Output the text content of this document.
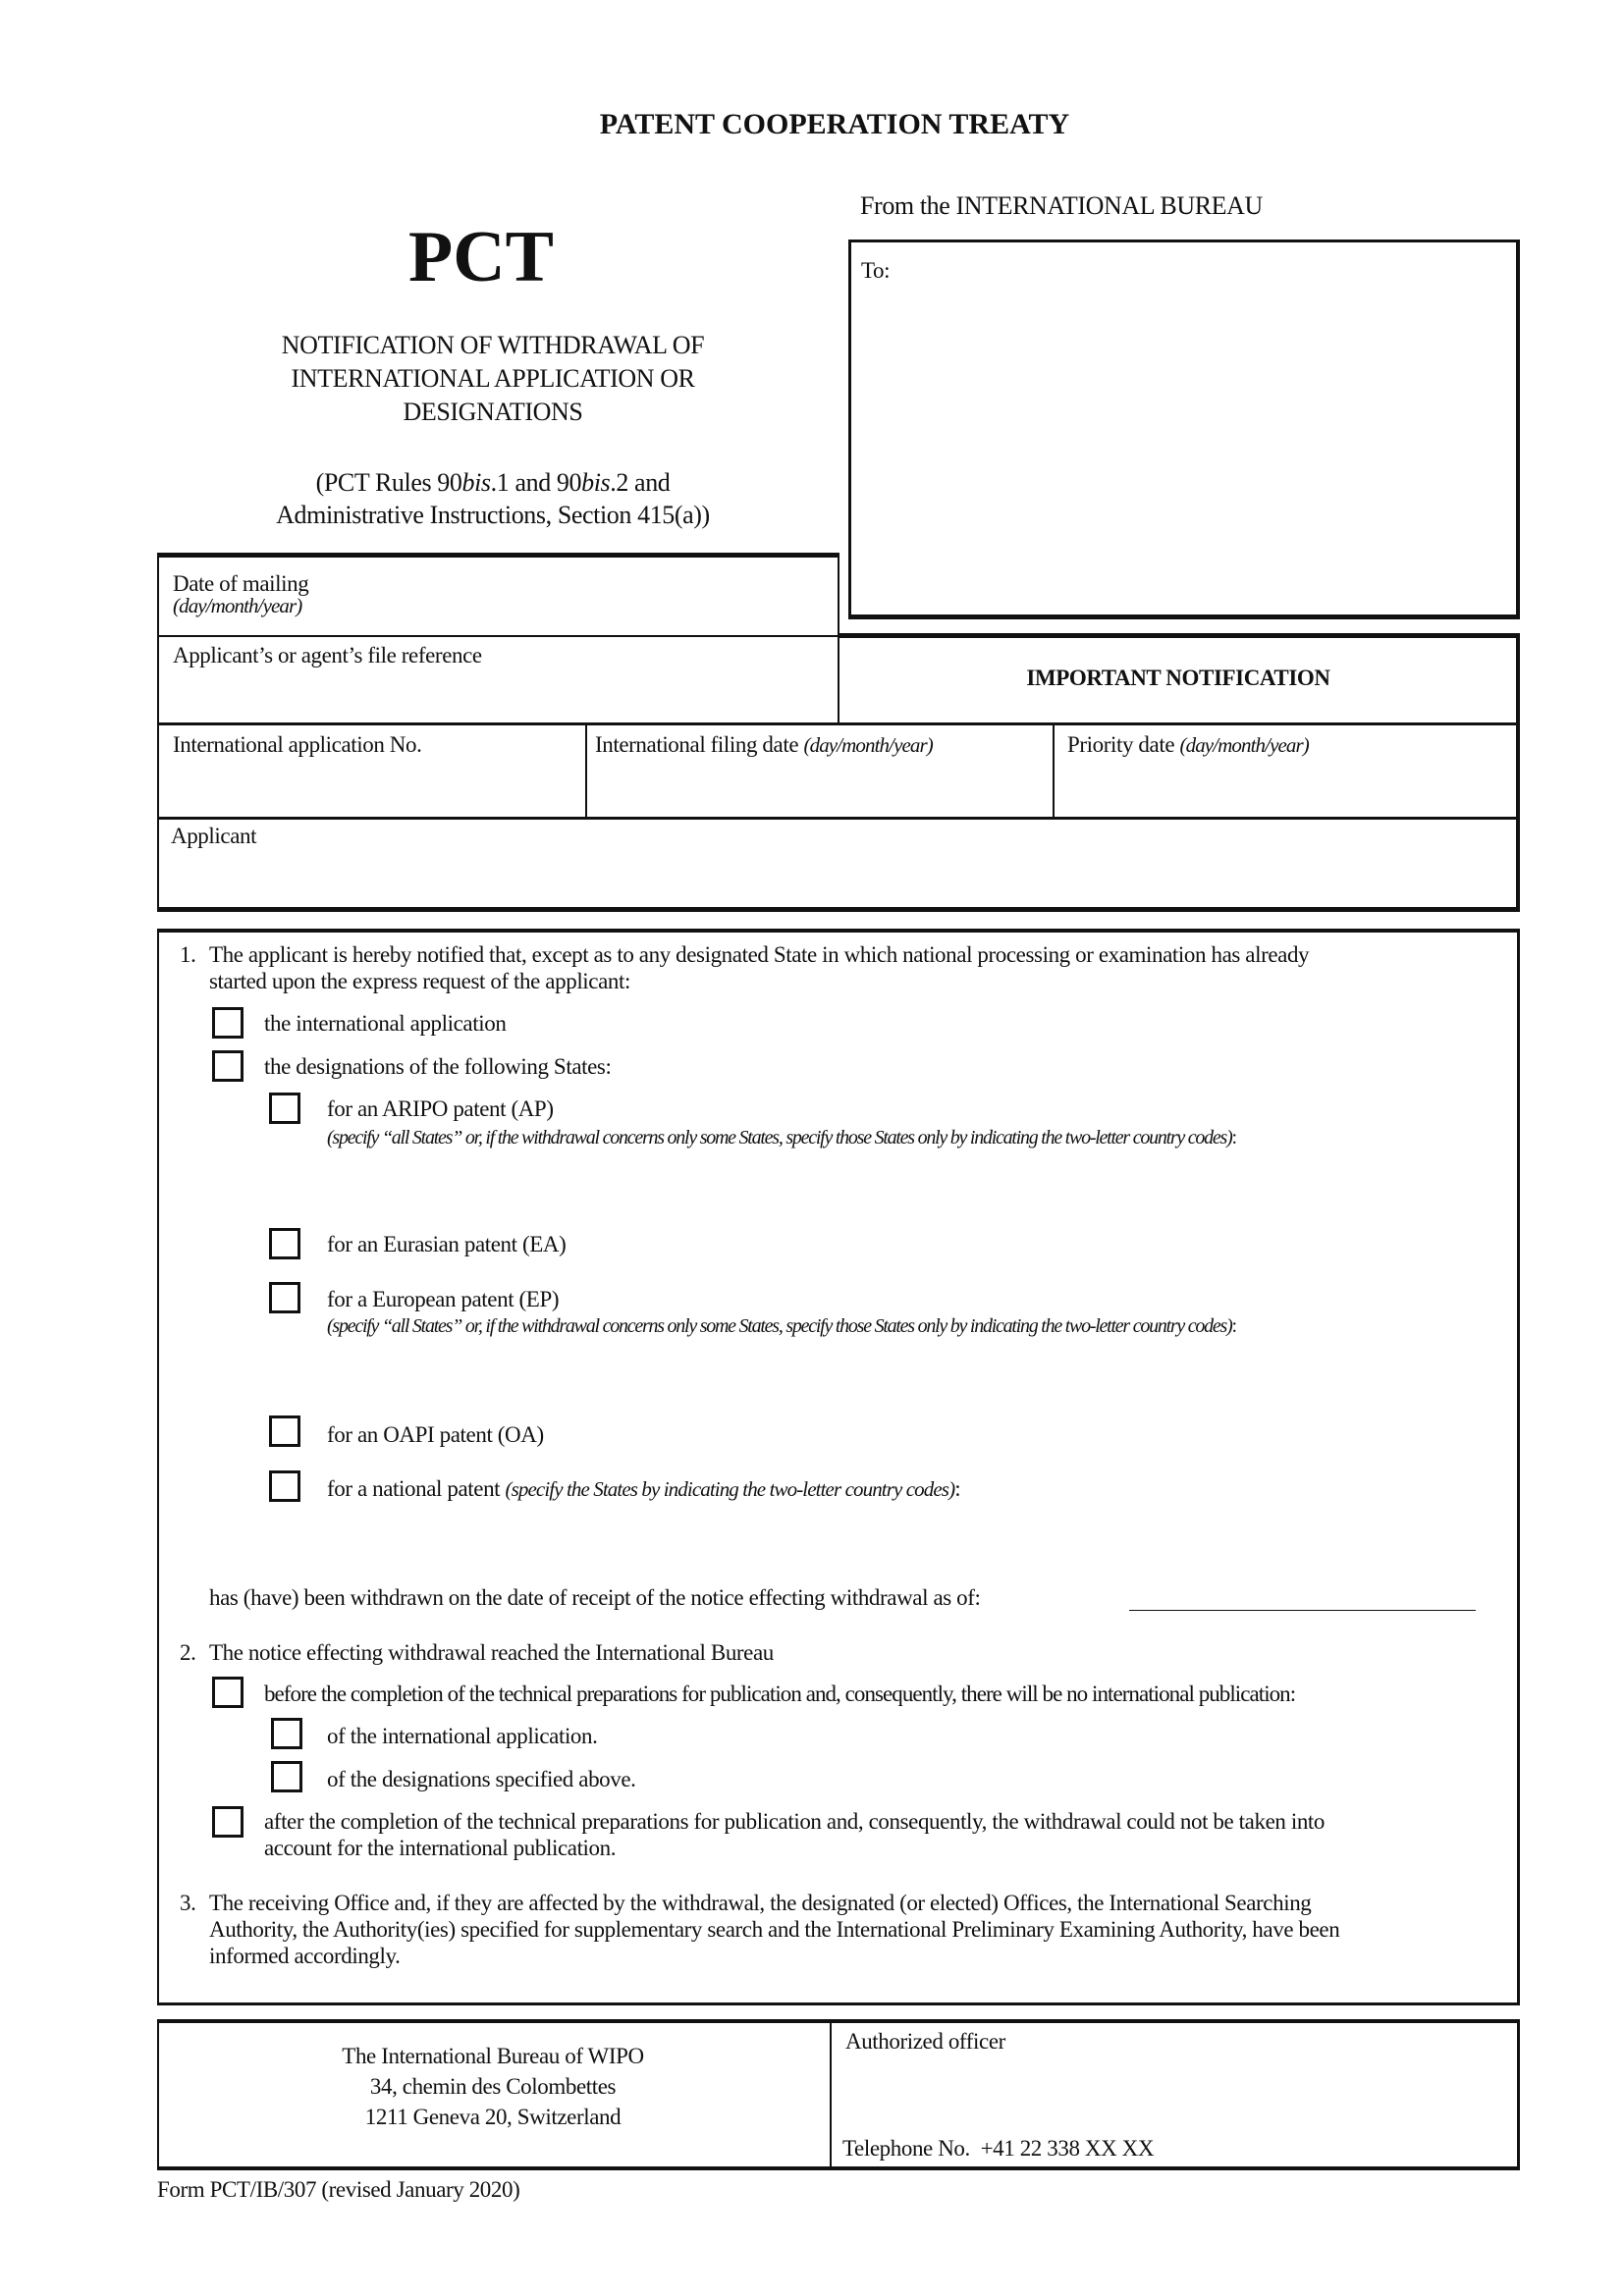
PATENT COOPERATION TREATY
From the INTERNATIONAL BUREAU
PCT
NOTIFICATION OF WITHDRAWAL OF
INTERNATIONAL APPLICATION OR
DESIGNATIONS
(PCT Rules 90bis.1 and 90bis.2 and
Administrative Instructions, Section 415(a))
To:
Date of mailing
(day/month/year)
Applicant’s or agent’s file reference
IMPORTANT NOTIFICATION
International application No.	International filing date (day/month/year)	Priority date (day/month/year)
Applicant
1. The applicant is hereby notified that, except as to any designated State in which national processing or examination has already
started upon the express request of the applicant:
the international application
the designations of the following States:
for an ARIPO patent (AP)
(specify “all States” or, if the withdrawal concerns only some States, specify those States only by indicating the two-letter country codes):
for an Eurasian patent (EA)
for a European patent (EP)
(specify “all States” or, if the withdrawal concerns only some States, specify those States only by indicating the two-letter country codes):
for an OAPI patent (OA)
for a national patent (specify the States by indicating the two-letter country codes):
has (have) been withdrawn on the date of receipt of the notice effecting withdrawal as of:
2. The notice effecting withdrawal reached the International Bureau
before the completion of the technical preparations for publication and, consequently, there will be no international publication:
of the international application.
of the designations specified above.
after the completion of the technical preparations for publication and, consequently, the withdrawal could not be taken into
account for the international publication.
3. The receiving Office and, if they are affected by the withdrawal, the designated (or elected) Offices, the International Searching
Authority, the Authority(ies) specified for supplementary search and the International Preliminary Examining Authority, have been
informed accordingly.
The International Bureau of WIPO
34, chemin des Colombettes
1211 Geneva 20, Switzerland
Authorized officer
Telephone No.  +41 22 338 XX XX
Form PCT/IB/307 (revised January 2020)
